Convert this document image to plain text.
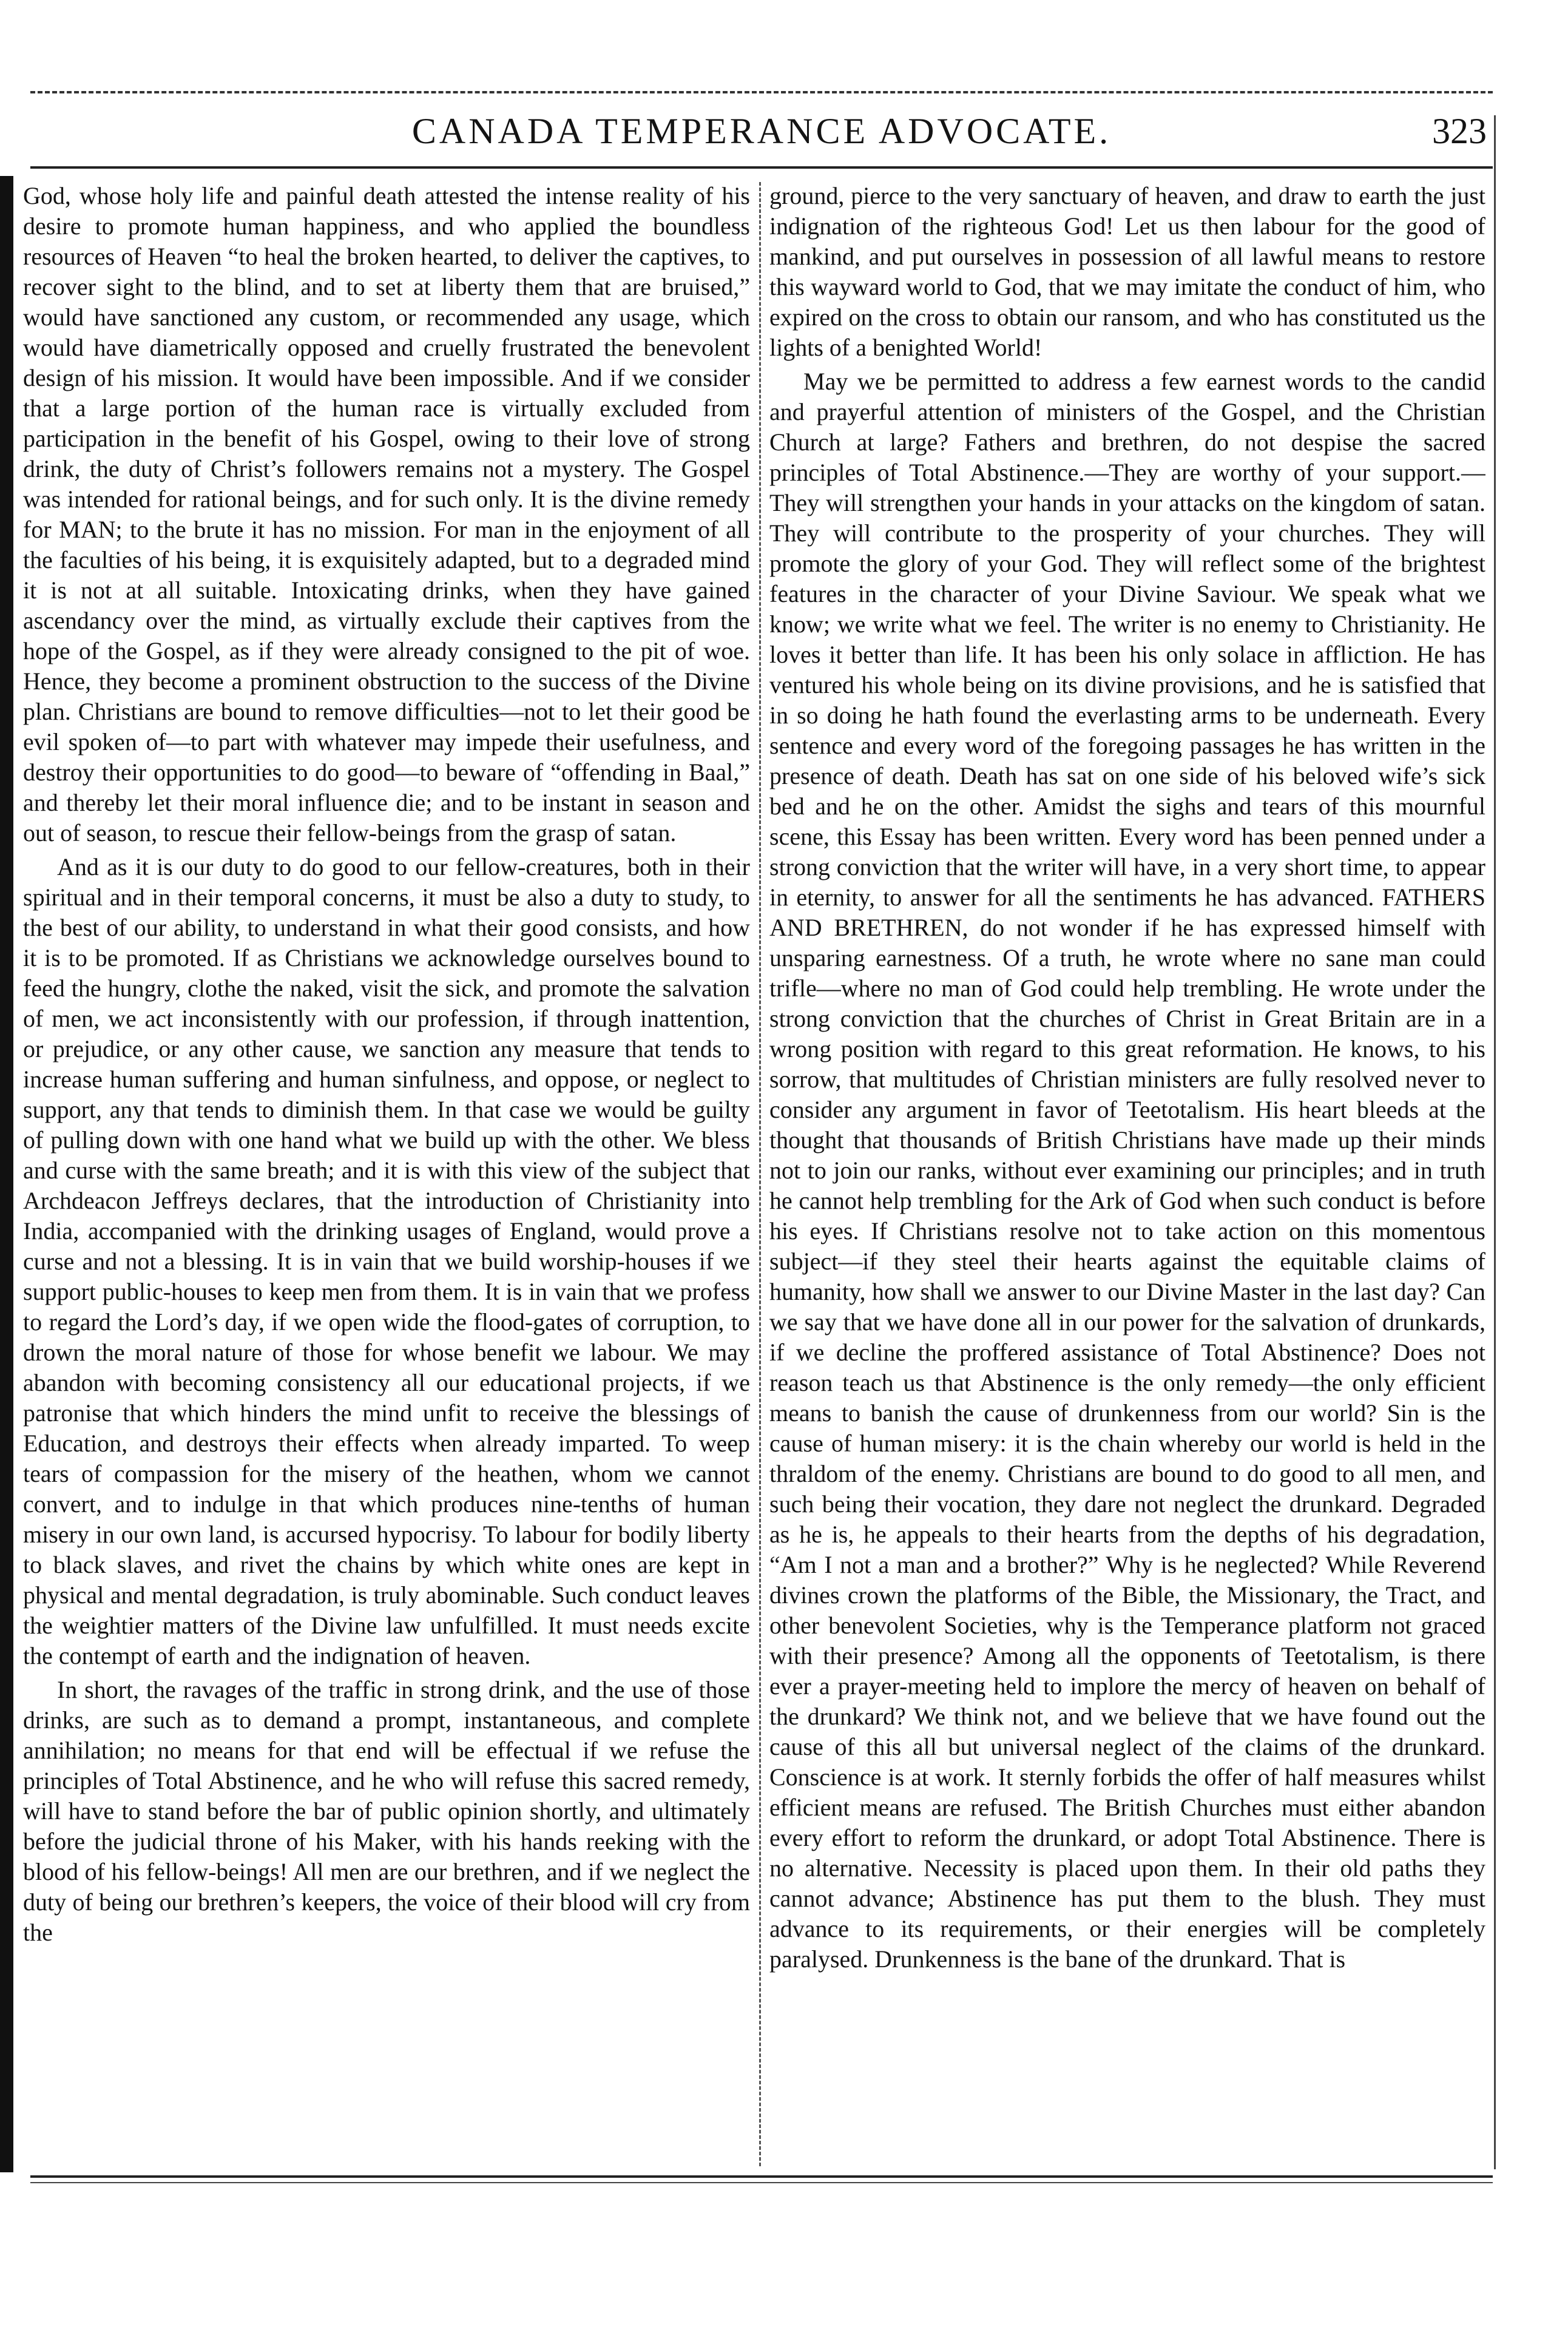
CANADA TEMPERANCE ADVOCATE.	323

God, whose holy life and painful death attested the intense reality of his desire to promote human happiness, and who applied the boundless resources of Heaven “to heal the broken hearted, to deliver the captives, to recover sight to the blind, and to set at liberty them that are bruised,” would have sanctioned any custom, or recommended any usage, which would have diametrically opposed and cruelly frustrated the benevolent design of his mission. It would have been impossible. And if we consider that a large portion of the human race is virtually excluded from participation in the benefit of his Gospel, owing to their love of strong drink, the duty of Christ’s followers remains not a mystery. The Gospel was intended for rational beings, and for such only. It is the divine remedy for MAN; to the brute it has no mission. For man in the enjoyment of all the faculties of his being, it is exquisitely adapted, but to a degraded mind it is not at all suitable. Intoxicating drinks, when they have gained ascendancy over the mind, as virtually exclude their captives from the hope of the Gospel, as if they were already consigned to the pit of woe. Hence, they become a prominent obstruction to the success of the Divine plan. Christians are bound to remove difficulties—not to let their good be evil spoken of—to part with whatever may impede their usefulness, and destroy their opportunities to do good—to beware of “offending in Baal,” and thereby let their moral influence die; and to be instant in season and out of season, to rescue their fellow-beings from the grasp of satan.

And as it is our duty to do good to our fellow-creatures, both in their spiritual and in their temporal concerns, it must be also a duty to study, to the best of our ability, to understand in what their good consists, and how it is to be promoted. If as Christians we acknowledge ourselves bound to feed the hungry, clothe the naked, visit the sick, and promote the salvation of men, we act inconsistently with our profession, if through inattention, or prejudice, or any other cause, we sanction any measure that tends to increase human suffering and human sinfulness, and oppose, or neglect to support, any that tends to diminish them. In that case we would be guilty of pulling down with one hand what we build up with the other. We bless and curse with the same breath; and it is with this view of the subject that Archdeacon Jeffreys declares, that the introduction of Christianity into India, accompanied with the drinking usages of England, would prove a curse and not a blessing. It is in vain that we build worship-houses if we support public-houses to keep men from them. It is in vain that we profess to regard the Lord’s day, if we open wide the flood-gates of corruption, to drown the moral nature of those for whose benefit we labour. We may abandon with becoming consistency all our educational projects, if we patronise that which hinders the mind unfit to receive the blessings of Education, and destroys their effects when already imparted. To weep tears of compassion for the misery of the heathen, whom we cannot convert, and to indulge in that which produces nine-tenths of human misery in our own land, is accursed hypocrisy. To labour for bodily liberty to black slaves, and rivet the chains by which white ones are kept in physical and mental degradation, is truly abominable. Such conduct leaves the weightier matters of the Divine law unfulfilled. It must needs excite the contempt of earth and the indignation of heaven.

In short, the ravages of the traffic in strong drink, and the use of those drinks, are such as to demand a prompt, instantaneous, and complete annihilation; no means for that end will be effectual if we refuse the principles of Total Abstinence, and he who will refuse this sacred remedy, will have to stand before the bar of public opinion shortly, and ultimately before the judicial throne of his Maker, with his hands reeking with the blood of his fellow-beings! All men are our brethren, and if we neglect the duty of being our brethren’s keepers, the voice of their blood will cry from the

ground, pierce to the very sanctuary of heaven, and draw to earth the just indignation of the righteous God! Let us then labour for the good of mankind, and put ourselves in possession of all lawful means to restore this wayward world to God, that we may imitate the conduct of him, who expired on the cross to obtain our ransom, and who has constituted us the lights of a benighted World!

May we be permitted to address a few earnest words to the candid and prayerful attention of ministers of the Gospel, and the Christian Church at large? Fathers and brethren, do not despise the sacred principles of Total Abstinence.—They are worthy of your support.—They will strengthen your hands in your attacks on the kingdom of satan. They will contribute to the prosperity of your churches. They will promote the glory of your God. They will reflect some of the brightest features in the character of your Divine Saviour. We speak what we know; we write what we feel. The writer is no enemy to Christianity. He loves it better than life. It has been his only solace in affliction. He has ventured his whole being on its divine provisions, and he is satisfied that in so doing he hath found the everlasting arms to be underneath. Every sentence and every word of the foregoing passages he has written in the presence of death. Death has sat on one side of his beloved wife’s sick bed and he on the other. Amidst the sighs and tears of this mournful scene, this Essay has been written. Every word has been penned under a strong conviction that the writer will have, in a very short time, to appear in eternity, to answer for all the sentiments he has advanced. FATHERS AND BRETHREN, do not wonder if he has expressed himself with unsparing earnestness. Of a truth, he wrote where no sane man could trifle—where no man of God could help trembling. He wrote under the strong conviction that the churches of Christ in Great Britain are in a wrong position with regard to this great reformation. He knows, to his sorrow, that multitudes of Christian ministers are fully resolved never to consider any argument in favor of Teetotalism. His heart bleeds at the thought that thousands of British Christians have made up their minds not to join our ranks, without ever examining our principles; and in truth he cannot help trembling for the Ark of God when such conduct is before his eyes. If Christians resolve not to take action on this momentous subject—if they steel their hearts against the equitable claims of humanity, how shall we answer to our Divine Master in the last day? Can we say that we have done all in our power for the salvation of drunkards, if we decline the proffered assistance of Total Abstinence? Does not reason teach us that Abstinence is the only remedy—the only efficient means to banish the cause of drunkenness from our world? Sin is the cause of human misery: it is the chain whereby our world is held in the thraldom of the enemy. Christians are bound to do good to all men, and such being their vocation, they dare not neglect the drunkard. Degraded as he is, he appeals to their hearts from the depths of his degradation, “Am I not a man and a brother?” Why is he neglected? While Reverend divines crown the platforms of the Bible, the Missionary, the Tract, and other benevolent Societies, why is the Temperance platform not graced with their presence? Among all the opponents of Teetotalism, is there ever a prayer-meeting held to implore the mercy of heaven on behalf of the drunkard? We think not, and we believe that we have found out the cause of this all but universal neglect of the claims of the drunkard. Conscience is at work. It sternly forbids the offer of half measures whilst efficient means are refused. The British Churches must either abandon every effort to reform the drunkard, or adopt Total Abstinence. There is no alternative. Necessity is placed upon them. In their old paths they cannot advance; Abstinence has put them to the blush. They must advance to its requirements, or their energies will be completely paralysed. Drunkenness is the bane of the drunkard. That is
